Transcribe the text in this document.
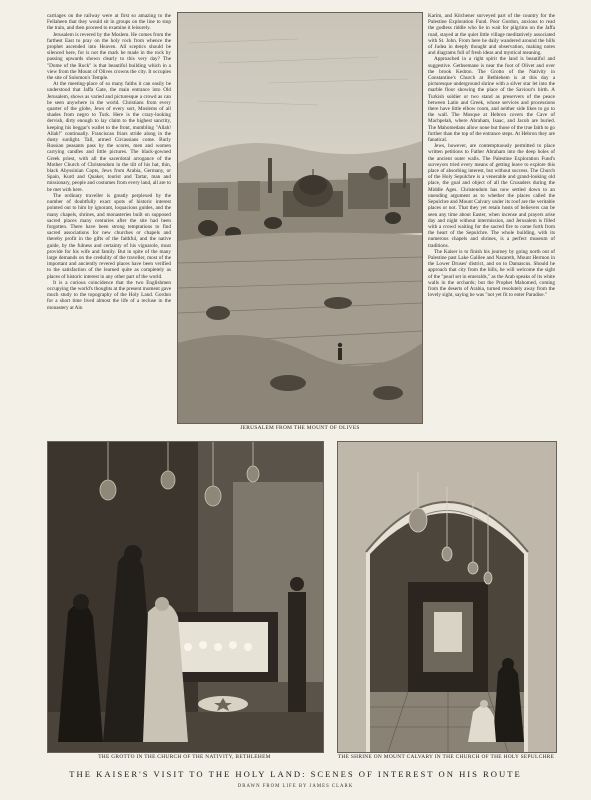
carriages on the railway were at first so amazing to the Fellaheen that they would sit in groups on the line to stop the train, and then proceed to examine it leisurely.

Jerusalem is revered by the Moslem. He comes from the farthest East to pray on the holy rock from whence the prophet ascended into Heaven. All sceptics should be silenced here, for is not the mark he made in the rock by passing upwards shown clearly to this very day? The "Dome of the Rock" is that beautiful building which in a view from the Mount of Olives crowns the city. It occupies the site of Solomon's Temple.

At the meeting-place of so many faiths it can easily be understood that Jaffa Gate, the main entrance into Old Jerusalem, shows as varied and picturesque a crowd as can be seen anywhere in the world. Christians from every quarter of the globe, Jews of every sort, Moslems of all shades from negro to Turk. Here is the crazy-looking dervish, dirty enough to lay claim to the highest sanctity, keeping his beggar's wallet to the front, mumbling "Allah! Allah!" continually. Franciscan friars stride along in the dusty sunlight. Tall, armed Circassians come. Burly Russian peasants pass by the scores, men and women carrying candles and little pictures. The black-gowned Greek priest, with all the sacerdotal arrogance of the Mother Church of Christendom in the tilt of his hat, thin, black Abyssinian Copts, Jews from Arabia, Germany, or Spain, Kurd and Quaker, tourist and Tartar, man and missionary, people and costumes from every land, all are to be met with here.

The ordinary traveller is greatly perplexed by the number of doubtfully exact spots of historic interest pointed out to him by ignorant, loquacious guides, and the many chapels, shrines, and monasteries built on supposed sacred places many centuries after the site had been forgotten. There have been strong temptations to find sacred associations for new churches or chapels and thereby profit in the gifts of the faithful, and the native guide, by the fulness and certainty of his vignarole, must provide for his wife and family. But in spite of the many large demands on the credulity of the traveller, most of the important and anciently revered places have been verified to the satisfaction of the learned quite as completely as places of historic interest in any other part of the world.

It is a curious coincidence that the two Englishmen occupying the world's thoughts at the present moment gave much study to the topography of the Holy Land. Gordon for a short time lived almost the life of a recluse in the monastery at Ain

JERUSALEM FROM THE MOUNT OF OLIVES

Karim, and Kitchener surveyed part of the country for the Palestine Exploration Fund. Poor Gordon, anxious to read the godless riddle who lie in wait for pilgrims on the Jaffa road, stayed at the quiet little village meditatively associated with St. John. From here he daily wandered around the hills of Judea in deeply thought and observation, making notes and diagrams full of fresh ideas and mystical meaning.

Approached in a right spirit the land is beautiful and suggestive. Gethsemane is near the foot of Olivet and over the brook Kedron. The Grotto of the Nativity in Constantine's Church at Bethlehem is at this day a picturesque underground shrine with a silver star let into the marble floor showing the place of the Saviour's birth. A Turkish soldier or two stand as preservers of the peace between Latin and Greek, whose services and processions there have little elbow room, and neither side likes to go to the wall. The Mosque at Hebron covers the Cave of Machpelah, where Abraham, Isaac, and Jacob are buried. The Mahomedans allow none but those of the true faith to go further than the top of the entrance steps. At Hebron they are fanatical.

Jews, however, are contemptuously permitted to place written petitions to Father Abraham into the deep holes of the ancient outer walls. The Palestine Exploration Fund's surveyors tried every means of getting leave to explore this place of absorbing interest, but without success. The Church of the Holy Sepulchre is a venerable and grand-looking old place, the goal and object of all the Crusaders during the Middle Ages. Christendom has now settled down to an unending argument as to whether the places called the Sepulchre and Mount Calvary under its roof are the veritable places or not. That they yet retain hosts of believers can be seen any time about Easter, when incense and prayers arise day and night without intermission, and Jerusalem is filled with a crowd waiting for the sacred fire to come forth from the heart of the Sepulchre. The whole building, with its numerous chapels and shrines, is a perfect museum of traditions.

The Kaiser is to finish his journey by going north out of Palestine past Lake Galilee and Nazareth, Mount Hermon in the Lower Druses' district, and on to Damascus. Should he approach that city from the hills, he will welcome the sight of the "pearl set in emeralds," as the Arab speaks of its white walls in the orchards; but the Prophet Mahomed, coming from the deserts of Arabia, turned resolutely away from the lovely sight, saying he was "not yet fit to enter Paradise."

THE GROTTO IN THE CHURCH OF THE NATIVITY, BETHLEHEM	THE SHRINE ON MOUNT CALVARY IN THE CHURCH OF THE HOLY SEPULCHRE
THE KAISER'S VISIT TO THE HOLY LAND: SCENES OF INTEREST ON HIS ROUTE
DRAWN FROM LIFE BY JAMES CLARK
